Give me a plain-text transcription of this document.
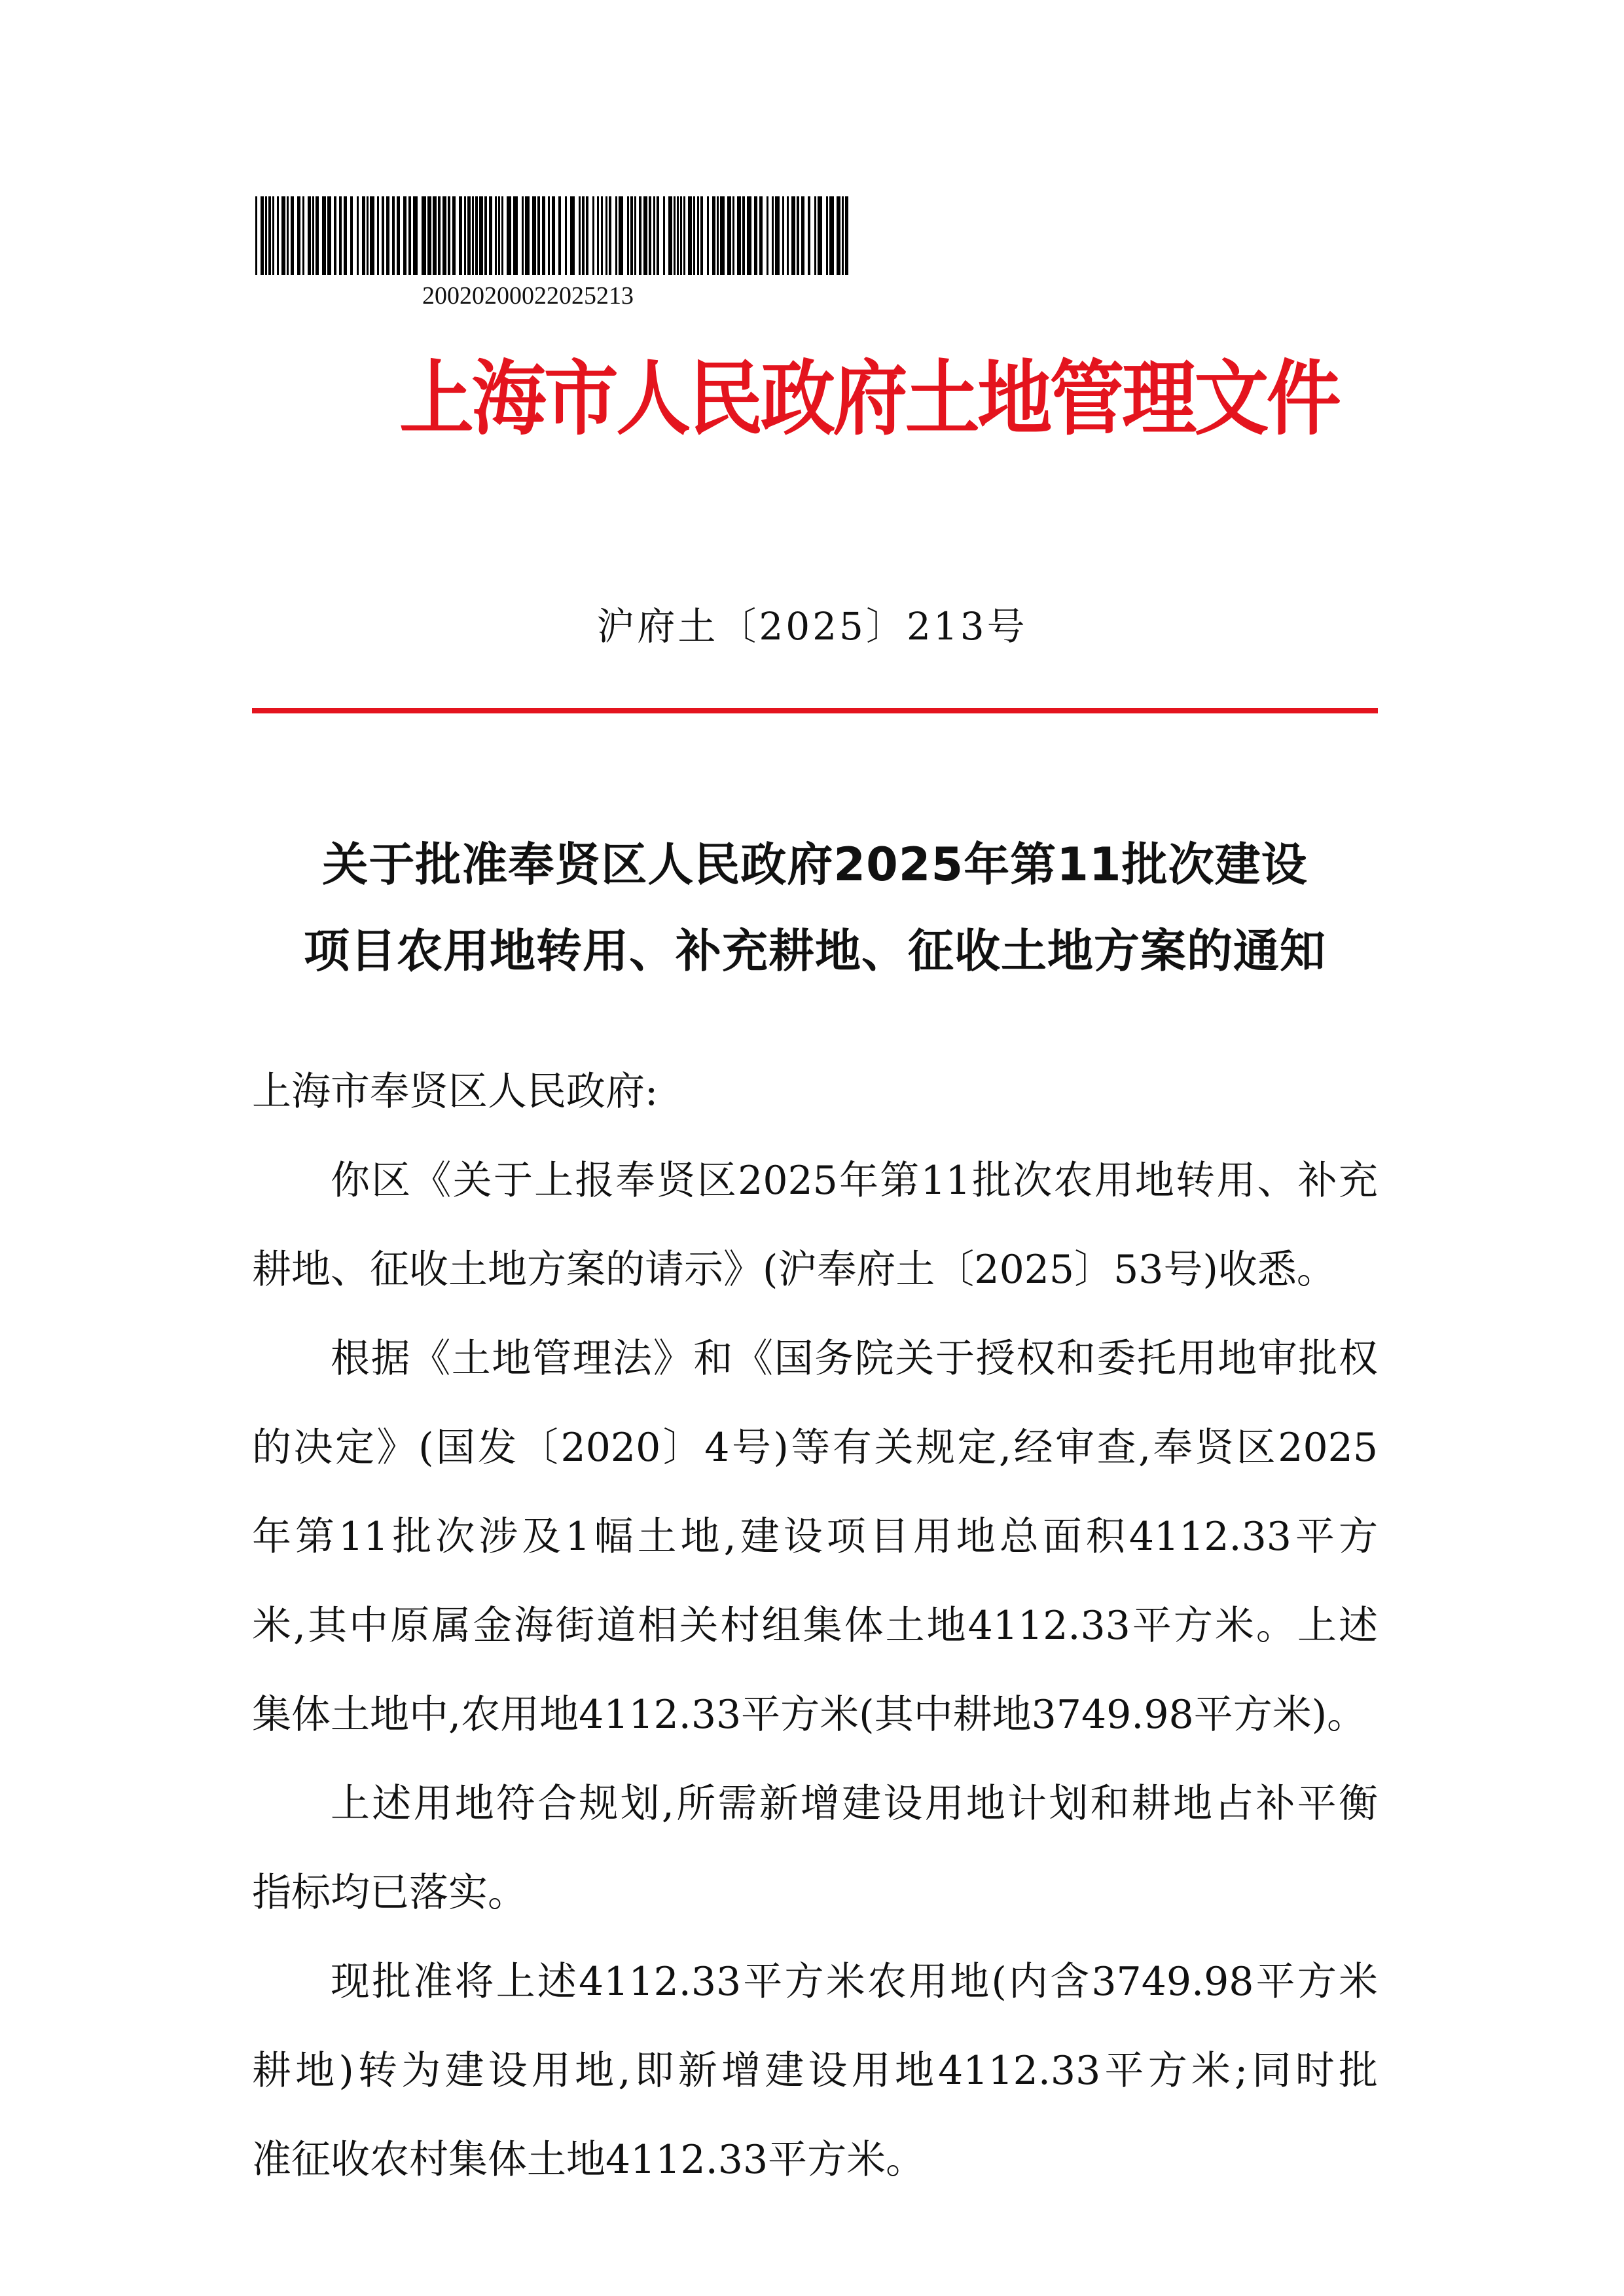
20020200022025213
上海市人民政府土地管理文件
沪府土〔2025〕213号
关于批准奉贤区人民政府2025年第11批次建设
项目农用地转用、补充耕地、征收土地方案的通知
上海市奉贤区人民政府:
你区《关于上报奉贤区2025年第11批次农用地转用、补充
耕地、征收土地方案的请示》(沪奉府土〔2025〕53号)收悉。
根据《土地管理法》和《国务院关于授权和委托用地审批权
的决定》(国发〔2020〕4号)等有关规定,经审查,奉贤区2025
年第11批次涉及1幅土地,建设项目用地总面积4112.33平方
米,其中原属金海街道相关村组集体土地4112.33平方米。上述
集体土地中,农用地4112.33平方米(其中耕地3749.98平方米)。
上述用地符合规划,所需新增建设用地计划和耕地占补平衡
指标均已落实。
现批准将上述4112.33平方米农用地(内含3749.98平方米
耕地)转为建设用地,即新增建设用地4112.33平方米;同时批
准征收农村集体土地4112.33平方米。
